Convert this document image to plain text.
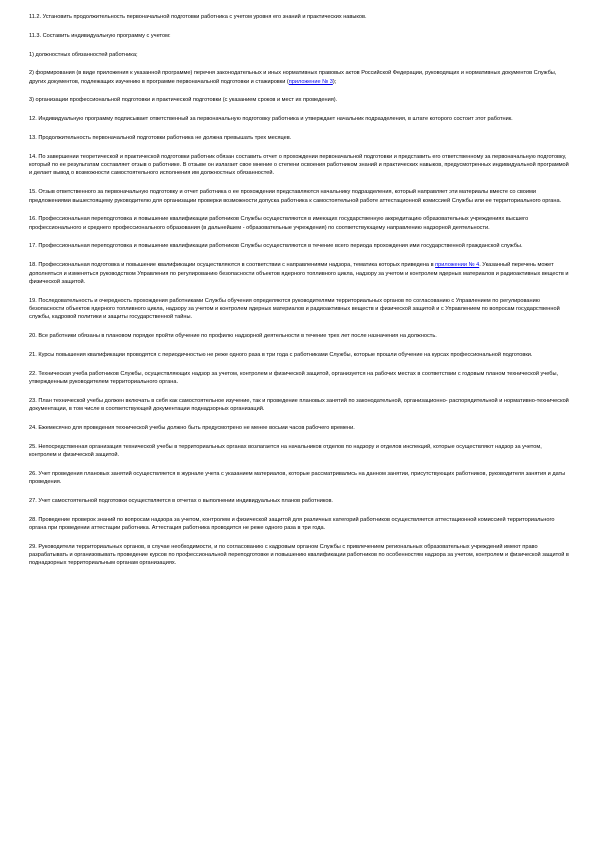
11.2. Установить продолжительность первоначальной подготовки работника с учетом уровня его знаний и практических навыков.

11.3. Составить индивидуальную программу с учетом:

1) должностных обязанностей работника;

2) формирования (в виде приложения к указанной программе) перечня законодательных и иных нормативных правовых актов Российской Федерации, руководящих и нормативных документов Службы, других документов, подлежащих изучению в программе первоначальной подготовки и стажировки (приложение № 3);

3) организации профессиональной подготовки и практической подготовки (с указанием сроков и мест их проведения).

12. Индивидуальную программу подписывает ответственный за первоначальную подготовку работника и утверждает начальник подразделения, в штате которого состоит этот работник.

13. Продолжительность первоначальной подготовки работника не должна превышать трех месяцев.

14. По завершении теоретической и практической подготовки работник обязан составить отчет о прохождении первоначальной подготовки и представить его ответственному за первоначальную подготовку, который по ее результатам составляет отзыв о работнике. В отзыве он излагает свое мнение о степени освоения работником знаний и практических навыков, предусмотренных индивидуальной программой и делает вывод о возможности самостоятельного исполнения им должностных обязанностей.

15. Отзыв ответственного за первоначальную подготовку и отчет работника о ее прохождении представляются начальнику подразделения, который направляет эти материалы вместе со своими предложениями вышестоящему руководителю для организации проверки возможности допуска работника к самостоятельной работе аттестационной комиссией Службы или ее территориального органа.

16. Профессиональная переподготовка и повышение квалификации работников Службы осуществляются в имеющих государственную аккредитацию образовательных учреждениях высшего профессионального и среднего профессионального образования (в дальнейшем - образовательные учреждения) по соответствующему направлению надзорной деятельности.

17. Профессиональная переподготовка и повышение квалификации работников Службы осуществляются в течение всего периода прохождения ими государственной гражданской службы.

18. Профессиональная подготовка и повышение квалификации осуществляются в соответствии с направлениями надзора, тематика которых приведена в приложении № 4. Указанный перечень может дополняться и изменяться руководством Управления по регулированию безопасности объектов ядерного топливного цикла, надзору за учетом и контролем ядерных материалов и радиоактивных веществ и физической защитой.

19. Последовательность и очередность прохождения работниками Службы обучения определяются руководителями территориальных органов по согласованию с Управлением по регулированию безопасности объектов ядерного топливного цикла, надзору за учетом и контролем ядерных материалов и радиоактивных веществ и физической защитой и с Управлением по вопросам государственной службы, кадровой политики и защиты государственной тайны.

20. Все работники обязаны в плановом порядке пройти обучение по профилю надзорной деятельности в течение трех лет после назначения на должность.

21. Курсы повышения квалификации проводятся с периодичностью не реже одного раза в три года с работниками Службы, которые прошли обучение на курсах профессиональной подготовки.

22. Техническая учеба работников Службы, осуществляющих надзор за учетом, контролем и физической защитой, организуется на рабочих местах в соответствии с годовым планом технической учебы, утвержденным руководителем территориального органа.

23. План технической учебы должен включать в себя как самостоятельное изучение, так и проведение плановых занятий по законодательной, организационно- распорядительной и нормативно-технической документации, в том числе в соответствующей документации поднадзорных организаций.

24. Ежемесячно для проведения технической учебы должно быть предусмотрено не менее восьми часов рабочего времени.

25. Непосредственная организация технической учебы в территориальных органах возлагается на начальников отделов по надзору и отделов инспекций, которые осуществляют надзор за учетом, контролем и физической защитой.

26. Учет проведения плановых занятий осуществляется в журнале учета с указанием материалов, которые рассматривались на данном занятии, присутствующих работников, руководителя занятия и даты проведения.

27. Учет самостоятельной подготовки осуществляется в отчетах о выполнении индивидуальных планов работников.

28. Проведение проверок знаний по вопросам надзора за учетом, контролем и физической защитой для различных категорий работников осуществляется аттестационной комиссией территориального органа при проведении аттестации работника. Аттестация работника проводится не реже одного раза в три года.

29. Руководители территориальных органов, в случае необходимости, и по согласованию с кадровым органом Службы с привлечением региональных образовательных учреждений имеют право разрабатывать и организовывать проведение курсов по профессиональной переподготовке и повышению квалификации работников по особенностям надзора за учетом, контролем и физической защитой в поднадзорных территориальным органам организациях.
